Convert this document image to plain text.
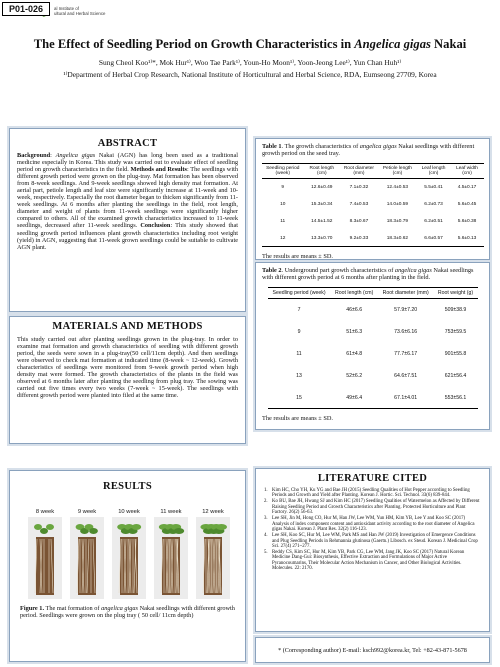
P01-026	al Institute of
ultural and Herbal Science
The Effect of Seedling Period on Growth Characteristics in Angelica gigas Nakai
Sung Cheol Koo¹⁾*, Mok Hur¹⁾, Woo Tae Park¹⁾, Youn-Ho Moon¹⁾, Yoon-Jeong Lee¹⁾, Yun Chan Huh¹⁾
¹⁾Department of Herbal Crop Research, National Institute of Horticultural and Herbal Science, RDA, Eumseong 27709, Korea
ABSTRACT
Background: Angelica gigas Nakai (AGN) has long been used as a traditional medicine especially in Korea. This study was carried out to evaluate effect of seedling period on growth characteristics in the field. Methods and Results: The seedlings with different growth period were grown on the plug-tray. Mat formation has been observed from 8-week seedlings. And 9-week seedlings showed high density mat formation. At aerial part, petiole length and leaf size were significantly increase at 11-week and 10-week, respectively. Especially the root diameter began to thicken significantly from 11-week seedlings. At 6 months after planting the seedlings in the field, root length, diameter and weight of plants from 11-week seedlings were significantly higher compared to others. All of the examined growth characteristics increased to 11-week seedlings, decreased after 11-week seedlings. Conclusion: This study showed that seedling growth period influences plant growth characteristics including root weight (yield) in AGN, suggesting that 11-week grown seedlings could be suitable to cultivate AGN plant.
MATERIALS AND METHODS
This study carried out after planting seedlings grown in the plug-tray. In order to examine mat formation and growth characteristics of seedling with different growth period, the seeds were sown in a plug-tray(50 cell/11cm depth). And then seedlings were observed to check mat formation at indicated time (8-week ~ 12-week). Growth characteristics of seedlings were monitored from 9-week growth period when high density mat were formed. The growth characteristics of the plants in the field was observed at 6 months later after planting the seedling from plug tray. The sowing was carried out five times every two weeks (7-week ~ 15-week). The seedlings with different growth period were planted into filed at the same time.
RESULTS
8 week	9 week	10 week	11 week	12 week
Figure 1. The mat formation of angelica gigas Nakai seedlings with different growth period. Seedlings were grown on the plug tray ( 50 cell/ 11cm depth)
Table 1. The growth characteristics of angelica gigas Nakai seedlings with different growth period on the seed tray.
Seedling period (week)	Root length (cm)	Root diameter (mm)	Petiole length (cm)	Leaf length (cm)	Leaf width (cm)
9	12.6±0.49	7.1±0.32	12.4±0.53	5.5±0.41	4.5±0.17
10	15.3±0.34	7.4±0.53	14.0±0.59	6.2±0.73	5.6±0.45
11	14.5±1.52	8.3±0.67	18.3±0.79	6.2±0.51	5.6±0.38
12	13.3±0.70	9.2±0.33	18.3±0.62	6.6±0.57	5.6±0.13
The results are means ± SD.
Table 2. Underground part growth characteristics of angelica gigas Nakai seedlings with different growth period at 6 months after planting in the field.
Seedling period (week)	Root length (cm)	Root diameter (mm)	Root weight (g)
7	46±6.6	57.9±7.20	509±38.9
9	51±6.3	73.6±6.16	753±59.5
11	61±4.8	77.7±6.17	901±55.8
13	52±6.2	64.6±7.51	621±56.4
15	49±6.4	67.1±4.01	553±56.1
The results are means ± SD.
LITERATURE CITED
1. Kim HC, Cho YH, Ku YG and Bae JH (2015) Seedling Qualities of Hot Pepper according to Seedling Periods and Growth and Yield after Planting. Korean J. Hortic. Sci. Technol. 33(6) 839-844.
2. Ko BU, Bae JH, Hwang SJ and Kim HC (2017) Seedling Qualities of Watermelon as Affected by Different Raising Seedling Period and Growth Characteristics after Planting. Protected Horticulture and Plant Factory. 26(2) 56-63.
3. Lee SH, Jin M, Hong CO, Hur M, Han JW, Lee WM, Yun HM, Kim YB, Lee Y and Koo SC (2017) Analysis of index component content and antioxidant activity according to the root diameter of Angelica gigas Nakai. Korean J. Plant Res. 32(2) 116-123.
4. Lee SH, Koo SC, Hur M, Lee WM, Park MS and Han JW (2019) Investigation of Emergence Conditions and Plug Seedling Periods in Rehmannia glutinosa (Gaertn.) Libosch. ex Steud. Korean J. Medicinal Crop Sci. 27(4) 271~277.
5. Reddy CS, Kim SC, Hur M, Kim YB, Park CG, Lee WM, Jang JK, Koo SC (2017) Natural Korean Medicine Dang-Gui: Biosynthesis, Effective Extraction and Formulations of Major Active Pyranocoumarins, Their Molecular Action Mechanism in Cancer, and Other Biological Activities. Molecules. 22: 2170.
* (Corresponding author) E-mail: ksch992@korea.kr, Tel: +82-43-871-5678
